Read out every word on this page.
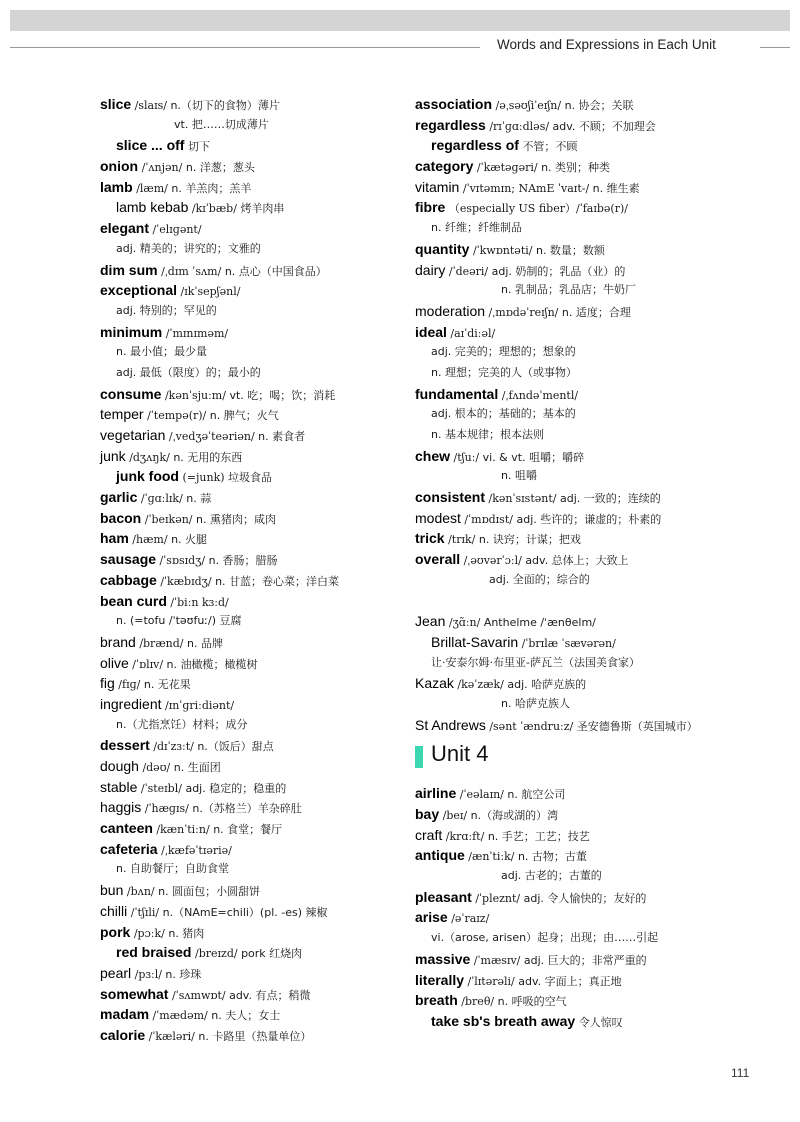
Words and Expressions in Each Unit
slice /slaɪs/ n.（切下的食物）薄片
vt. 把……切成薄片
slice ... off 切下
onion /ˈʌnjən/ n. 洋葱；葱头
lamb /læm/ n. 羊羔肉；羔羊
lamb kebab /kɪˈbæb/ 烤羊肉串
elegant /ˈelɪɡənt/
adj. 精美的；讲究的；文雅的
dim sum /ˌdɪm ˈsʌm/ n. 点心（中国食品）
exceptional /ɪkˈsepʃənl/
adj. 特别的；罕见的
minimum /ˈmɪnɪməm/
n. 最小值；最少量
adj. 最低（限度）的；最小的
consume /kənˈsjuːm/ vt. 吃；喝；饮；消耗
temper /ˈtempə(r)/ n. 脾气；火气
vegetarian /ˌvedʒəˈteəriən/ n. 素食者
junk /dʒʌŋk/ n. 无用的东西
junk food (=junk) 垃圾食品
garlic /ˈɡɑːlɪk/ n. 蒜
bacon /ˈbeɪkən/ n. 熏猪肉；咸肉
ham /hæm/ n. 火腿
sausage /ˈsɒsɪdʒ/ n. 香肠；腊肠
cabbage /ˈkæbɪdʒ/ n. 甘蓝；卷心菜；洋白菜
bean curd /ˈbiːn kɜːd/
n. (=tofu /ˈtəʊfuː/) 豆腐
brand /brænd/ n. 品牌
olive /ˈɒlɪv/ n. 油橄榄；橄榄树
fig /fɪɡ/ n. 无花果
ingredient /ɪnˈɡriːdiənt/
n.（尤指烹饪）材料；成分
dessert /dɪˈzɜːt/ n.（饭后）甜点
dough /dəʊ/ n. 生面团
stable /ˈsteɪbl/ adj. 稳定的；稳重的
haggis /ˈhæɡɪs/ n.（苏格兰）羊杂碎肚
canteen /kænˈtiːn/ n. 食堂；餐厅
cafeteria /ˌkæfəˈtɪəriə/
n. 自助餐厅；自助食堂
bun /bʌn/ n. 圆面包；小圆甜饼
chilli /ˈtʃɪli/ n.（NAmE=chili）(pl. -es) 辣椒
pork /pɔːk/ n. 猪肉
red braised /breɪzd/ pork 红烧肉
pearl /pɜːl/ n. 珍珠
somewhat /ˈsʌmwɒt/ adv. 有点；稍微
madam /ˈmædəm/ n. 夫人；女士
calorie /ˈkæləri/ n. 卡路里（热量单位）
association /əˌsəʊʃiˈeɪʃn/ n. 协会；关联
regardless /rɪˈɡɑːdləs/ adv. 不顾；不加理会
regardless of 不管；不顾
category /ˈkætəɡəri/ n. 类别；种类
vitamin /ˈvɪtəmɪn; NAmE ˈvaɪt-/ n. 维生素
fibre （especially US fiber）/ˈfaɪbə(r)/
n. 纤维；纤维制品
quantity /ˈkwɒntəti/ n. 数量；数额
dairy /ˈdeəri/ adj. 奶制的；乳品（业）的
n. 乳制品；乳品店；牛奶厂
moderation /ˌmɒdəˈreɪʃn/ n. 适度；合理
ideal /aɪˈdiːəl/
adj. 完美的；理想的；想象的
n. 理想；完美的人（或事物）
fundamental /ˌfʌndəˈmentl/
adj. 根本的；基础的；基本的
n. 基本规律；根本法则
chew /tʃuː/ vi. & vt. 咀嚼；嚼碎
n. 咀嚼
consistent /kənˈsɪstənt/ adj. 一致的；连续的
modest /ˈmɒdɪst/ adj. 些许的；谦虚的；朴素的
trick /trɪk/ n. 诀窍；计谋；把戏
overall /ˌəʊvərˈɔːl/ adv. 总体上；大致上
adj. 全面的；综合的
Jean /ʒɑ̃ːn/ Anthelme /ˈænθelm/
Brillat-Savarin /ˈbrɪlæ ˈsævərən/
让·安泰尔姆·布里亚-萨瓦兰（法国美食家）
Kazak /kəˈzæk/ adj. 哈萨克族的
n. 哈萨克族人
St Andrews /sənt ˈændruːz/ 圣安德鲁斯（英国城市）
Unit 4
airline /ˈeəlaɪn/ n. 航空公司
bay /beɪ/ n.（海或湖的）湾
craft /krɑːft/ n. 手艺；工艺；技艺
antique /ænˈtiːk/ n. 古物；古董
adj. 古老的；古董的
pleasant /ˈpleznt/ adj. 令人愉快的；友好的
arise /əˈraɪz/
vi.（arose, arisen）起身；出现；由……引起
massive /ˈmæsɪv/ adj. 巨大的；非常严重的
literally /ˈlɪtərəli/ adv. 字面上；真正地
breath /breθ/ n. 呼吸的空气
take sb's breath away 令人惊叹
111
